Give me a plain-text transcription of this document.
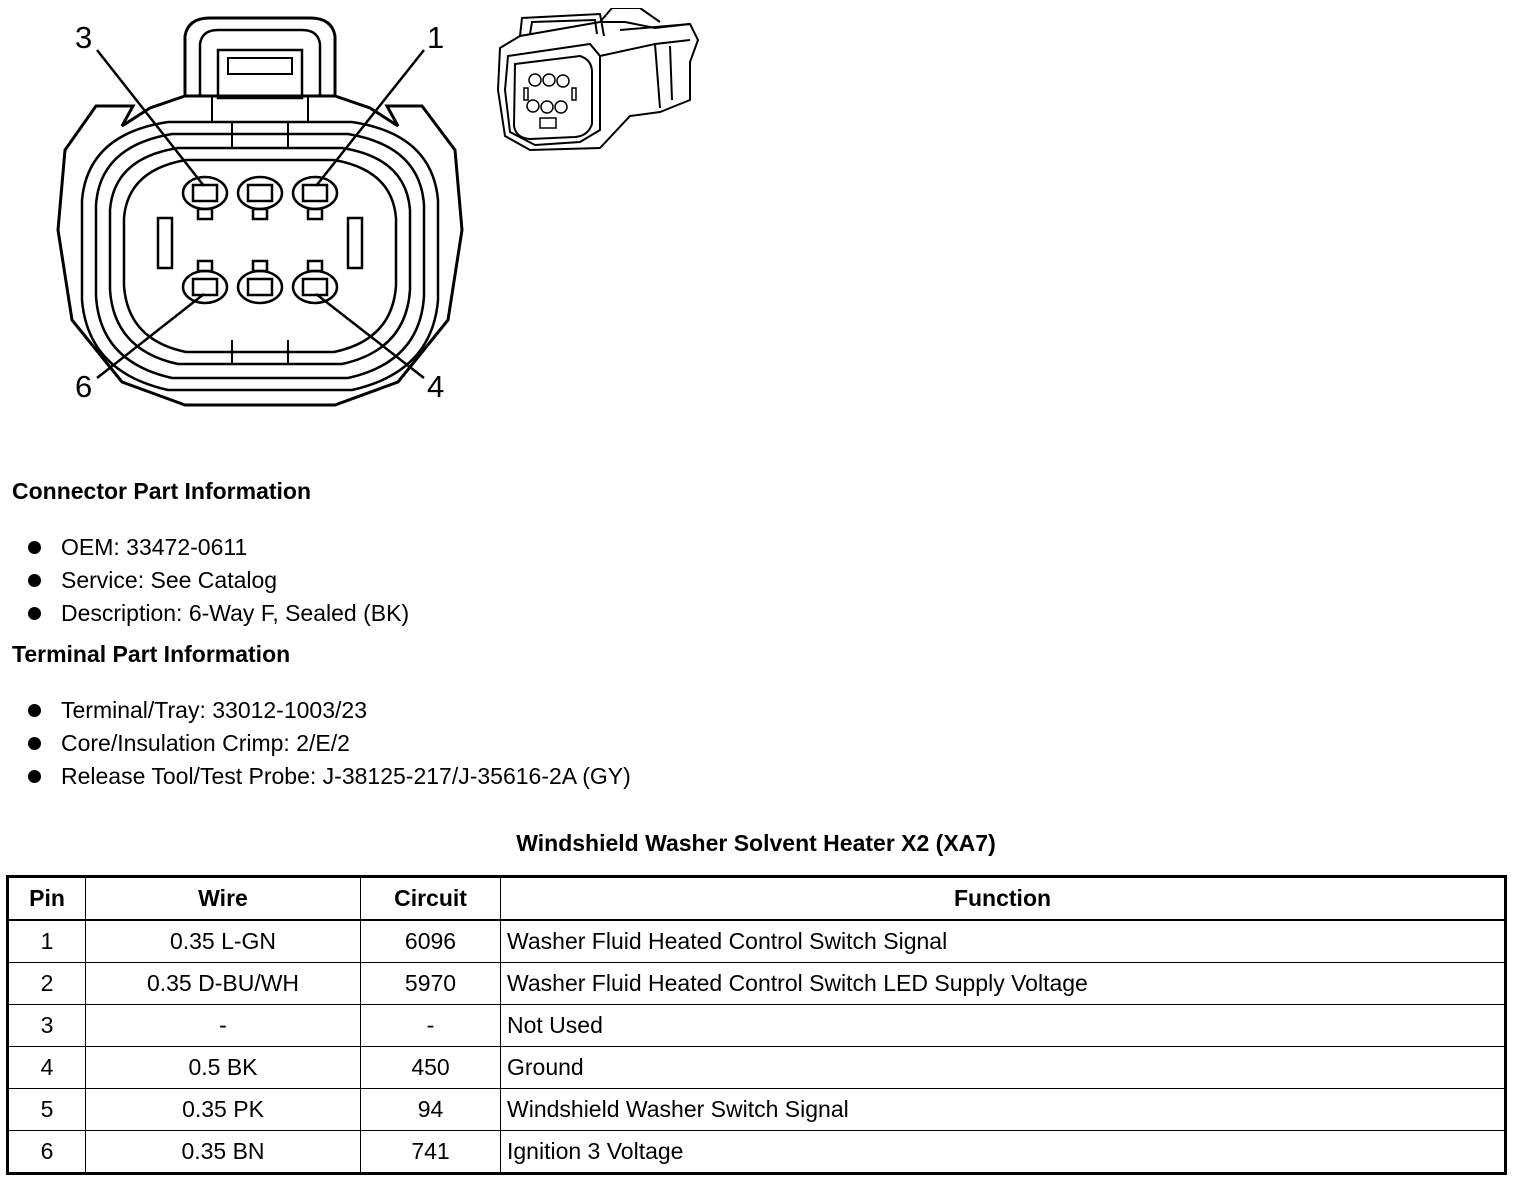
3	1
6	4
Connector Part Information
OEM: 33472-0611
Service: See Catalog
Description: 6-Way F, Sealed (BK)
Terminal Part Information
Terminal/Tray: 33012-1003/23
Core/Insulation Crimp: 2/E/2
Release Tool/Test Probe: J-38125-217/J-35616-2A (GY)
Windshield Washer Solvent Heater X2 (XA7)
Pin	Wire	Circuit	Function
1	0.35 L-GN	6096	Washer Fluid Heated Control Switch Signal
2	0.35 D-BU/WH	5970	Washer Fluid Heated Control Switch LED Supply Voltage
3	-	-	Not Used
4	0.5 BK	450	Ground
5	0.35 PK	94	Windshield Washer Switch Signal
6	0.35 BN	741	Ignition 3 Voltage
